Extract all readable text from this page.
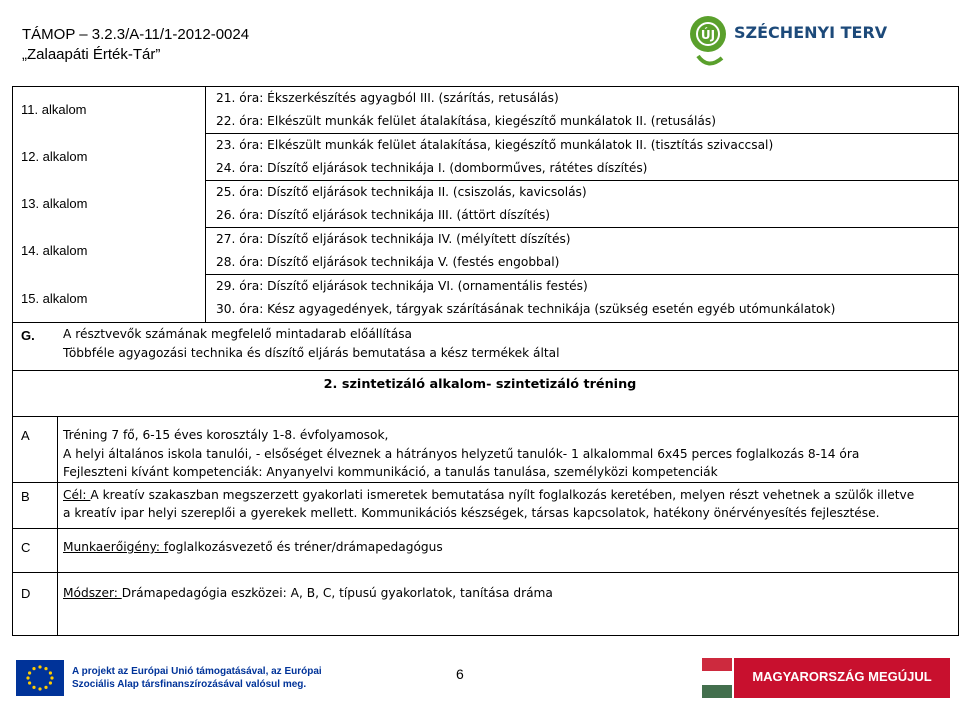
TÁMOP – 3.2.3/A-11/1-2012-0024
„Zalaapáti Érték-Tár”
ÚJ SZÉCHENYI TERV
11. alkalom
21. óra: Ékszerkészítés agyagból III. (szárítás, retusálás)
22. óra: Elkészült munkák felület átalakítása, kiegészítő munkálatok II. (retusálás)
12. alkalom
23. óra: Elkészült munkák felület átalakítása, kiegészítő munkálatok II. (tisztítás szivaccsal)
24. óra: Díszítő eljárások technikája I. (domborműves, rátétes díszítés)
13. alkalom
25. óra: Díszítő eljárások technikája II. (csiszolás, kavicsolás)
26. óra: Díszítő eljárások technikája III. (áttört díszítés)
14. alkalom
27. óra: Díszítő eljárások technikája IV. (mélyített díszítés)
28. óra: Díszítő eljárások technikája V. (festés engobbal)
15. alkalom
29. óra: Díszítő eljárások technikája VI. (ornamentális festés)
30. óra: Kész agyagedények, tárgyak szárításának technikája (szükség esetén egyéb utómunkálatok)
G. A résztvevők számának megfelelő mintadarab előállítása
Többféle agyagozási technika és díszítő eljárás bemutatása a kész termékek által
2. szintetizáló alkalom- szintetizáló tréning
A	Tréning 7 fő, 6-15 éves korosztály 1-8. évfolyamosok,
A helyi általános iskola tanulói, - elsőséget élveznek a hátrányos helyzetű tanulók- 1 alkalommal 6x45 perces foglalkozás 8-14 óra
Fejleszteni kívánt kompetenciák: Anyanyelvi kommunikáció, a tanulás tanulása, személyközi kompetenciák
B	Cél: A kreatív szakaszban megszerzett gyakorlati ismeretek bemutatása nyílt foglalkozás keretében, melyen részt vehetnek a szülők illetve
a kreatív ipar helyi szereplői a gyerekek mellett. Kommunikációs készségek, társas kapcsolatok, hatékony önérvényesítés fejlesztése.
C	Munkaerőigény: foglalkozásvezető és tréner/drámapedagógus
D	Módszer: Drámapedagógia eszközei: A, B, C, típusú gyakorlatok, tanítása dráma
A projekt az Európai Unió támogatásával, az Európai
Szociális Alap társfinanszírozásával valósul meg.
6	MAGYARORSZÁG MEGÚJUL
